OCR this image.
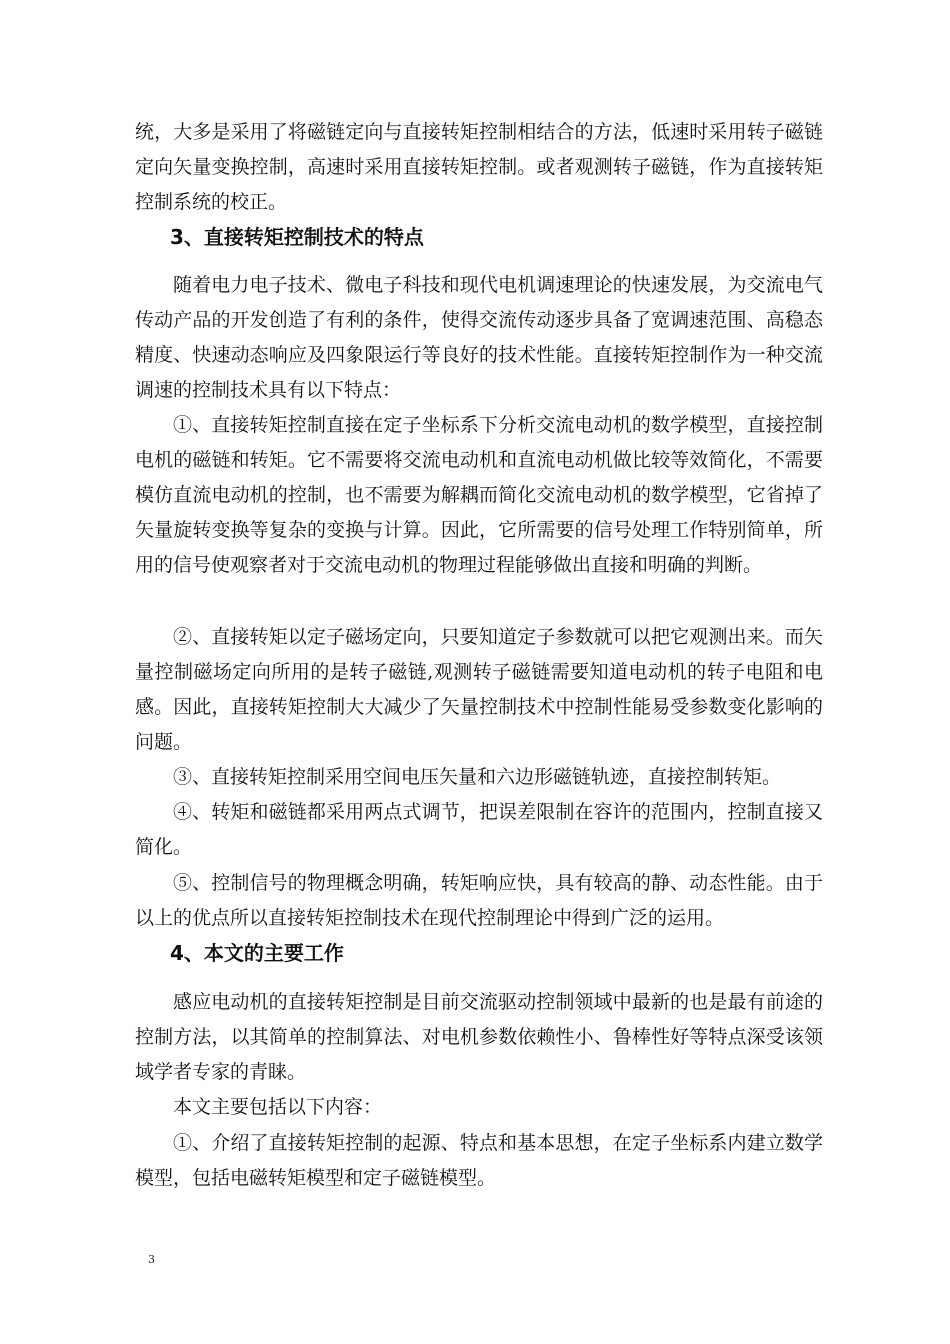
统，大多是采用了将磁链定向与直接转矩控制相结合的方法，低速时采用转子磁链定向矢量变换控制，高速时采用直接转矩控制。或者观测转子磁链，作为直接转矩控制系统的校正。

3、直接转矩控制技术的特点

随着电力电子技术、微电子科技和现代电机调速理论的快速发展，为交流电气传动产品的开发创造了有利的条件，使得交流传动逐步具备了宽调速范围、高稳态精度、快速动态响应及四象限运行等良好的技术性能。直接转矩控制作为一种交流调速的控制技术具有以下特点：

①、直接转矩控制直接在定子坐标系下分析交流电动机的数学模型，直接控制电机的磁链和转矩。它不需要将交流电动机和直流电动机做比较等效简化，不需要模仿直流电动机的控制，也不需要为解耦而简化交流电动机的数学模型，它省掉了矢量旋转变换等复杂的变换与计算。因此，它所需要的信号处理工作特别简单，所用的信号使观察者对于交流电动机的物理过程能够做出直接和明确的判断。

②、直接转矩以定子磁场定向，只要知道定子参数就可以把它观测出来。而矢量控制磁场定向所用的是转子磁链,观测转子磁链需要知道电动机的转子电阻和电感。因此，直接转矩控制大大减少了矢量控制技术中控制性能易受参数变化影响的问题。

③、直接转矩控制采用空间电压矢量和六边形磁链轨迹，直接控制转矩。

④、转矩和磁链都采用两点式调节，把误差限制在容许的范围内，控制直接又简化。

⑤、控制信号的物理概念明确，转矩响应快，具有较高的静、动态性能。由于以上的优点所以直接转矩控制技术在现代控制理论中得到广泛的运用。

4、本文的主要工作

感应电动机的直接转矩控制是目前交流驱动控制领域中最新的也是最有前途的控制方法，以其简单的控制算法、对电机参数依赖性小、鲁棒性好等特点深受该领域学者专家的青睐。

本文主要包括以下内容：

①、介绍了直接转矩控制的起源、特点和基本思想，在定子坐标系内建立数学模型，包括电磁转矩模型和定子磁链模型。

3
